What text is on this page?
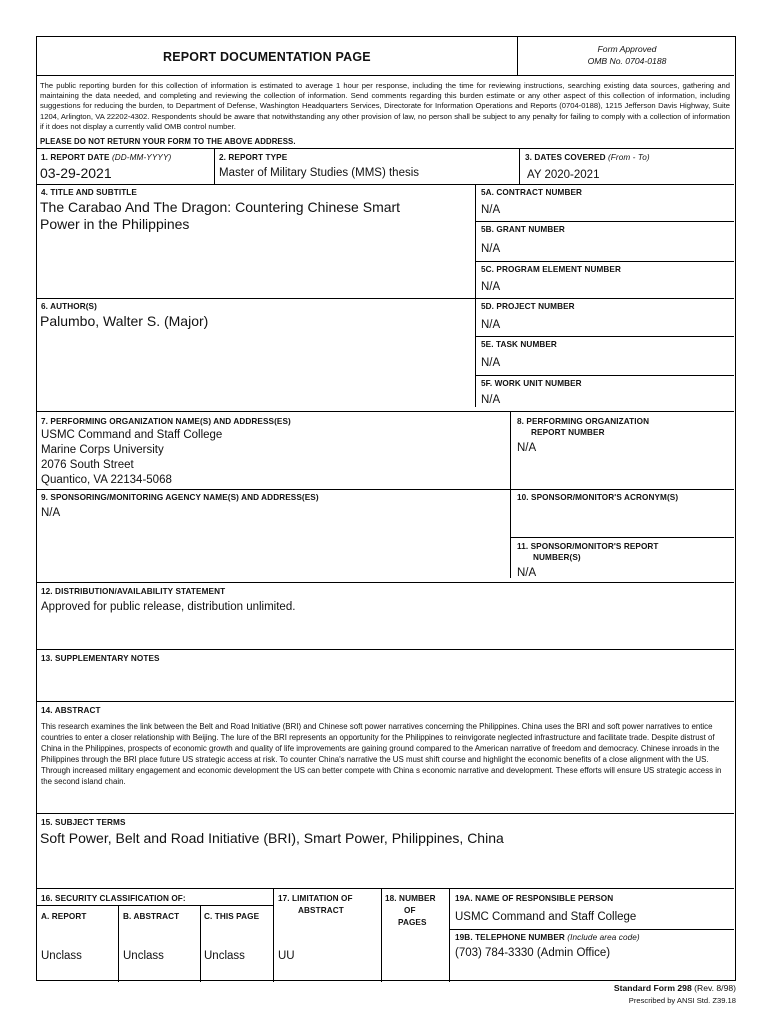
REPORT DOCUMENTATION PAGE
Form Approved
OMB No. 0704-0188
The public reporting burden for this collection of information is estimated to average 1 hour per response, including the time for reviewing instructions, searching existing data sources, gathering and maintaining the data needed, and completing and reviewing the collection of information. Send comments regarding this burden estimate or any other aspect of this collection of information, including suggestions for reducing the burden, to Department of Defense, Washington Headquarters Services, Directorate for Information Operations and Reports (0704-0188), 1215 Jefferson Davis Highway, Suite 1204, Arlington, VA 22202-4302. Respondents should be aware that notwithstanding any other provision of law, no person shall be subject to any penalty for failing to comply with a collection of information if it does not display a currently valid OMB control number.
PLEASE DO NOT RETURN YOUR FORM TO THE ABOVE ADDRESS.
1. REPORT DATE (DD-MM-YYYY)
03-29-2021
2. REPORT TYPE
Master of Military Studies (MMS) thesis
3. DATES COVERED (From - To)
AY 2020-2021
4. TITLE AND SUBTITLE
The Carabao And The Dragon: Countering Chinese Smart
Power in the Philippines
5A. CONTRACT NUMBER
N/A
5B. GRANT NUMBER
N/A
5C. PROGRAM ELEMENT NUMBER
N/A
6. AUTHOR(S)
Palumbo, Walter S. (Major)
5D. PROJECT NUMBER
N/A
5E. TASK NUMBER
N/A
5F. WORK UNIT NUMBER
N/A
7. PERFORMING ORGANIZATION NAME(S) AND ADDRESS(ES)
USMC Command and Staff College
Marine Corps University
2076 South Street
Quantico, VA 22134-5068
8. PERFORMING ORGANIZATION
REPORT NUMBER
N/A
9. SPONSORING/MONITORING AGENCY NAME(S) AND ADDRESS(ES)
N/A
10. SPONSOR/MONITOR'S ACRONYM(S)
11. SPONSOR/MONITOR'S REPORT
NUMBER(S)
N/A
12. DISTRIBUTION/AVAILABILITY STATEMENT
Approved for public release, distribution unlimited.
13. SUPPLEMENTARY NOTES
14. ABSTRACT
This research examines the link between the Belt and Road Initiative (BRI) and Chinese soft power narratives concerning the Philippines. China uses the BRI and soft power narratives to entice countries to enter a closer relationship with Beijing. The lure of the BRI represents an opportunity for the Philippines to reinvigorate neglected infrastructure and facilitate trade. Despite distrust of China in the Philippines, prospects of economic growth and quality of life improvements are gaining ground compared to the American narrative of freedom and democracy. Chinese inroads in the Philippines through the BRI place future US strategic access at risk. To counter China's narrative the US must shift course and highlight the economic benefits of a close alignment with the US. Through increased military engagement and economic development the US can better compete with China s economic narrative and development. These efforts will ensure US strategic access in the second island chain.
15. SUBJECT TERMS
Soft Power, Belt and Road Initiative (BRI), Smart Power, Philippines, China
16. SECURITY CLASSIFICATION OF:
A. REPORT	B. ABSTRACT	C. THIS PAGE
Unclass	Unclass	Unclass
17. LIMITATION OF
ABSTRACT
UU
18. NUMBER
OF
PAGES
19A. NAME OF RESPONSIBLE PERSON
USMC Command and Staff College
19B. TELEPHONE NUMBER (Include area code)
(703) 784-3330 (Admin Office)
Standard Form 298 (Rev. 8/98)
Prescribed by ANSI Std. Z39.18
